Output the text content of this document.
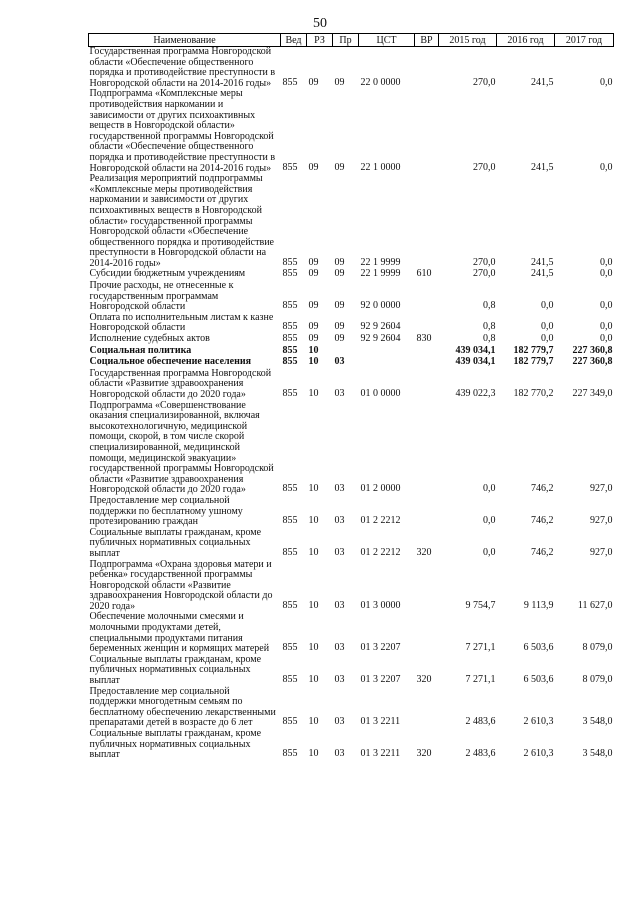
50
Наименование	Вед	РЗ	Пр	ЦСТ	ВР	2015 год	2016 год	2017 год
Государственная программа Новгородской области «Обеспечение общественного порядка и противодействие преступности в Новгородской области на 2014-2016 годы»	855	09	09	22 0 0000		270,0	241,5	0,0
Подпрограмма «Комплексные меры противодействия наркомании и зависимости от других психоактивных веществ в Новгородской области» государственной программы Новгородской области «Обеспечение общественного порядка и противодействие преступности в Новгородской области на 2014-2016 годы»	855	09	09	22 1 0000		270,0	241,5	0,0
Реализация мероприятий подпрограммы «Комплексные меры противодействия наркомании и зависимости от других психоактивных веществ в Новгородской области» государственной программы Новгородской области «Обеспечение общественного порядка и противодействие преступности в Новгородской области на 2014-2016 годы»	855	09	09	22 1 9999		270,0	241,5	0,0
Субсидии бюджетным учреждениям	855	09	09	22 1 9999	610	270,0	241,5	0,0
Прочие расходы, не отнесенные к государственным программам Новгородской области	855	09	09	92 0 0000		0,8	0,0	0,0
Оплата по исполнительным листам к казне Новгородской области	855	09	09	92 9 2604		0,8	0,0	0,0
Исполнение судебных актов	855	09	09	92 9 2604	830	0,8	0,0	0,0
Социальная политика	855	10				439 034,1	182 779,7	227 360,8
Социальное обеспечение населения	855	10	03			439 034,1	182 779,7	227 360,8
Государственная программа Новгородской области «Развитие здравоохранения Новгородской области до 2020 года»	855	10	03	01 0 0000		439 022,3	182 770,2	227 349,0
Подпрограмма «Совершенствование оказания специализированной, включая высокотехнологичную, медицинской помощи, скорой, в том числе скорой специализированной, медицинской помощи, медицинской эвакуации» государственной программы Новгородской области «Развитие здравоохранения Новгородской области до 2020 года»	855	10	03	01 2 0000		0,0	746,2	927,0
Предоставление мер социальной поддержки по бесплатному ушному протезированию граждан	855	10	03	01 2 2212		0,0	746,2	927,0
Социальные выплаты гражданам, кроме публичных нормативных социальных выплат	855	10	03	01 2 2212	320	0,0	746,2	927,0
Подпрограмма «Охрана здоровья матери и ребенка» государственной программы Новгородской области «Развитие здравоохранения Новгородской области до 2020 года»	855	10	03	01 3 0000		9 754,7	9 113,9	11 627,0
Обеспечение молочными смесями и молочными продуктами детей, специальными продуктами питания беременных женщин и кормящих матерей	855	10	03	01 3 2207		7 271,1	6 503,6	8 079,0
Социальные выплаты гражданам, кроме публичных нормативных социальных выплат	855	10	03	01 3 2207	320	7 271,1	6 503,6	8 079,0
Предоставление мер социальной поддержки многодетным семьям по бесплатному обеспечению лекарственными препаратами детей в возрасте до 6 лет	855	10	03	01 3 2211		2 483,6	2 610,3	3 548,0
Социальные выплаты гражданам, кроме публичных нормативных социальных выплат	855	10	03	01 3 2211	320	2 483,6	2 610,3	3 548,0
